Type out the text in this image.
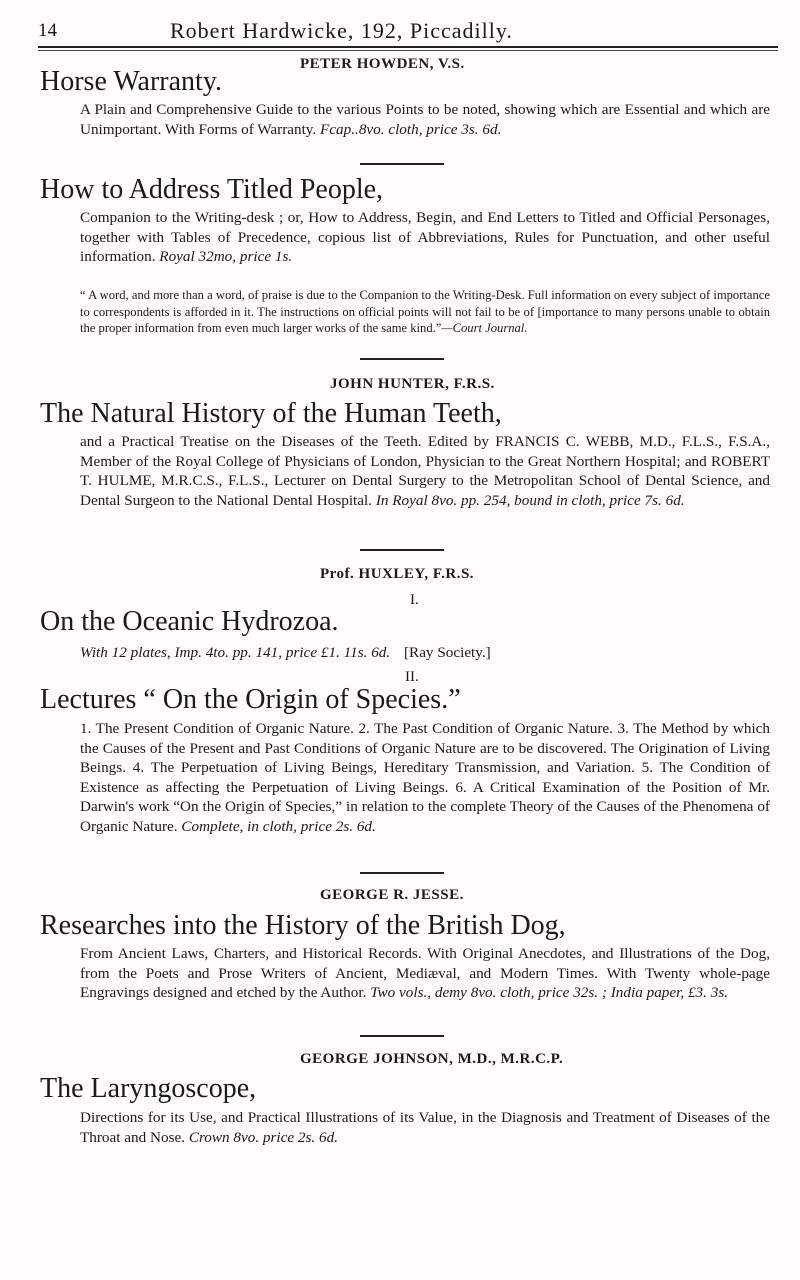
14	Robert Hardwicke, 192, Piccadilly.
PETER HOWDEN, V.S.
Horse Warranty.
A Plain and Comprehensive Guide to the various Points to be noted, showing which are Essential and which are Unimportant. With Forms of Warranty. Fcap..8vo. cloth, price 3s. 6d.
How to Address Titled People,
Companion to the Writing-desk ; or, How to Address, Begin, and End Letters to Titled and Official Personages, together with Tables of Precedence, copious list of Abbreviations, Rules for Punctuation, and other useful information. Royal 32mo, price 1s.
“ A word, and more than a word, of praise is due to the Companion to the Writing-Desk. Full information on every subject of importance to correspondents is afforded in it. The instructions on official points will not fail to be of [importance to many persons unable to obtain the proper information from even much larger works of the same kind.”—Court Journal.
JOHN HUNTER, F.R.S.
The Natural History of the Human Teeth,
and a Practical Treatise on the Diseases of the Teeth. Edited by FRANCIS C. WEBB, M.D., F.L.S., F.S.A., Member of the Royal College of Physicians of London, Physician to the Great Northern Hospital; and ROBERT T. HULME, M.R.C.S., F.L.S., Lecturer on Dental Surgery to the Metropolitan School of Dental Science, and Dental Surgeon to the National Dental Hospital. In Royal 8vo. pp. 254, bound in cloth, price 7s. 6d.
Prof. HUXLEY, F.R.S.
I.
On the Oceanic Hydrozoa.
With 12 plates, Imp. 4to. pp. 141, price £1. 11s. 6d. [Ray Society.]
II.
Lectures “ On the Origin of Species.”
1. The Present Condition of Organic Nature. 2. The Past Condition of Organic Nature. 3. The Method by which the Causes of the Present and Past Conditions of Organic Nature are to be discovered. The Origination of Living Beings. 4. The Perpetuation of Living Beings, Hereditary Transmission, and Variation. 5. The Condition of Existence as affecting the Perpetuation of Living Beings. 6. A Critical Examination of the Position of Mr. Darwin's work “On the Origin of Species,” in relation to the complete Theory of the Causes of the Phenomena of Organic Nature. Complete, in cloth, price 2s. 6d.
GEORGE R. JESSE.
Researches into the History of the British Dog,
From Ancient Laws, Charters, and Historical Records. With Original Anecdotes, and Illustrations of the Dog, from the Poets and Prose Writers of Ancient, Mediæval, and Modern Times. With Twenty whole-page Engravings designed and etched by the Author. Two vols., demy 8vo. cloth, price 32s. ; India paper, £3. 3s.
GEORGE JOHNSON, M.D., M.R.C.P.
The Laryngoscope,
Directions for its Use, and Practical Illustrations of its Value, in the Diagnosis and Treatment of Diseases of the Throat and Nose. Crown 8vo. price 2s. 6d.
